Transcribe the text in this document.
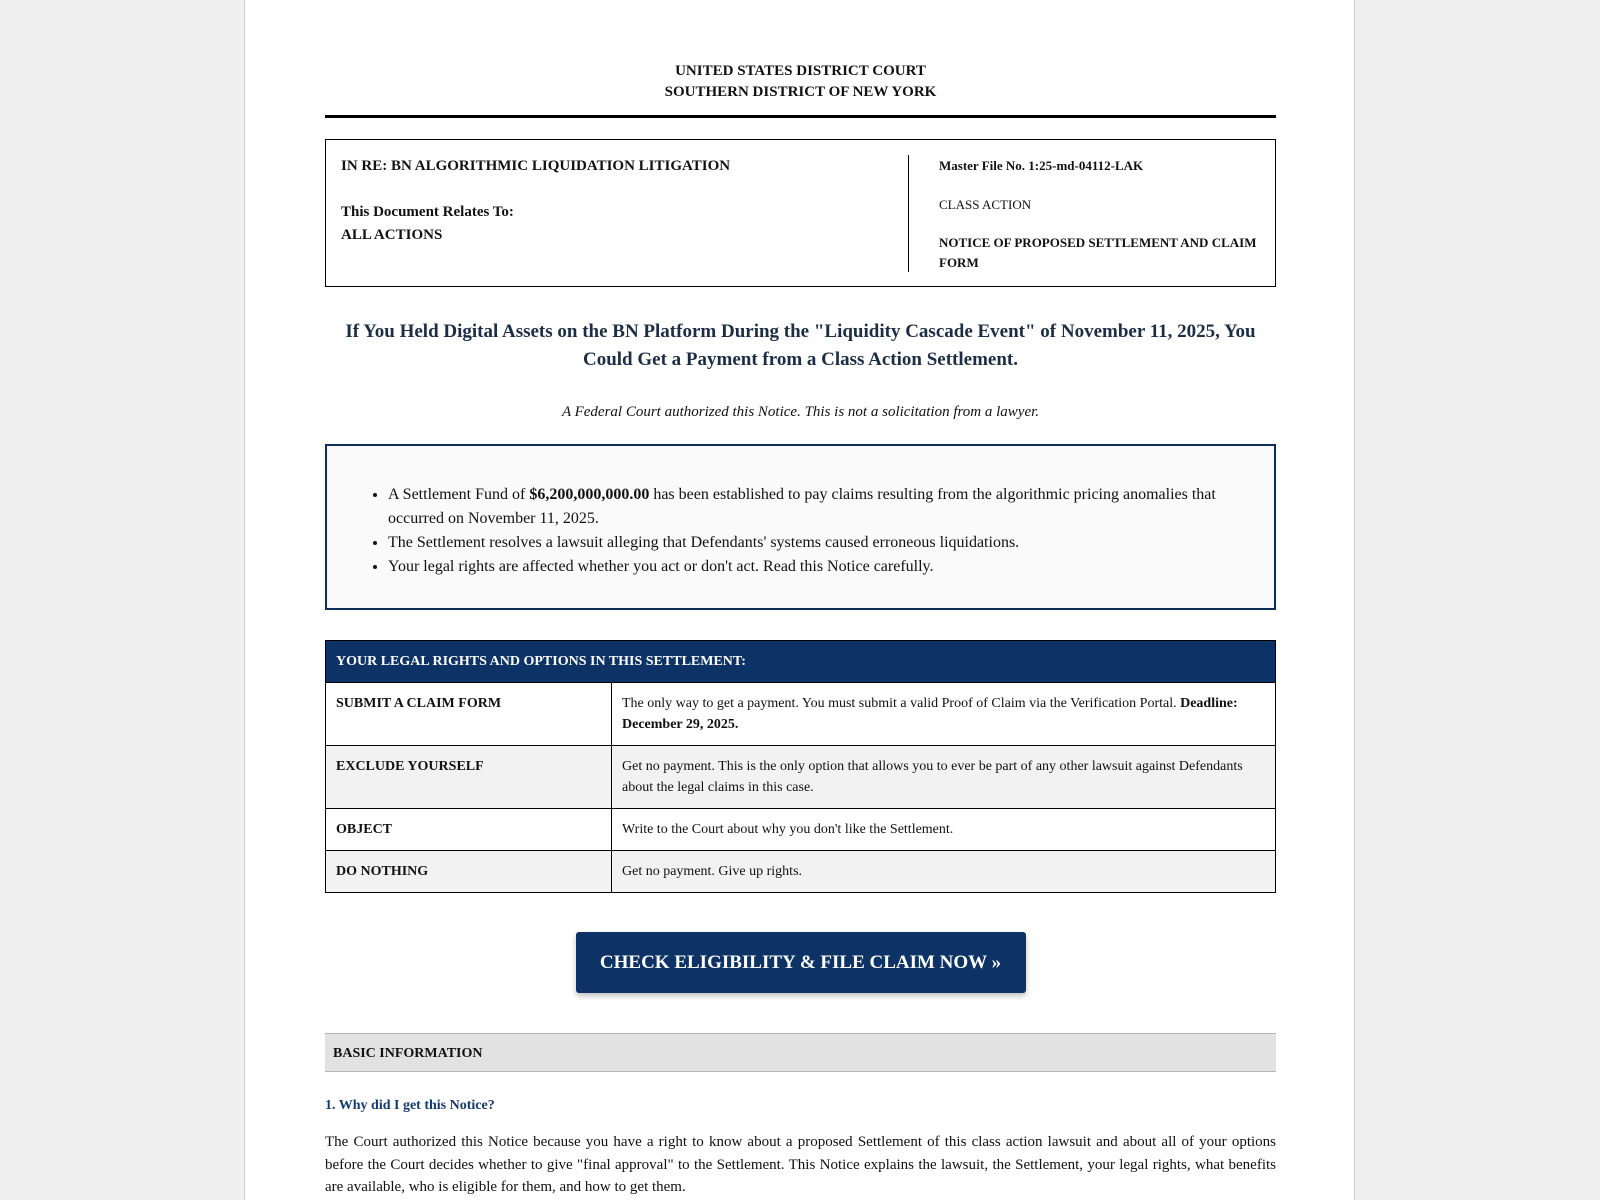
UNITED STATES DISTRICT COURT
SOUTHERN DISTRICT OF NEW YORK
IN RE: BN ALGORITHMIC LIQUIDATION LITIGATION
This Document Relates To:
ALL ACTIONS
Master File No. 1:25-md-04112-LAK
CLASS ACTION
NOTICE OF PROPOSED SETTLEMENT AND CLAIM FORM
If You Held Digital Assets on the BN Platform During the "Liquidity Cascade Event" of November 11, 2025, You Could Get a Payment from a Class Action Settlement.
A Federal Court authorized this Notice. This is not a solicitation from a lawyer.
• A Settlement Fund of $6,200,000,000.00 has been established to pay claims resulting from the algorithmic pricing anomalies that occurred on November 11, 2025.
• The Settlement resolves a lawsuit alleging that Defendants' systems caused erroneous liquidations.
• Your legal rights are affected whether you act or don't act. Read this Notice carefully.
YOUR LEGAL RIGHTS AND OPTIONS IN THIS SETTLEMENT:	
SUBMIT A CLAIM FORM	The only way to get a payment. You must submit a valid Proof of Claim via the Verification Portal. Deadline: December 29, 2025.
EXCLUDE YOURSELF	Get no payment. This is the only option that allows you to ever be part of any other lawsuit against Defendants about the legal claims in this case.
OBJECT	Write to the Court about why you don't like the Settlement.
DO NOTHING	Get no payment. Give up rights.
CHECK ELIGIBILITY & FILE CLAIM NOW »
BASIC INFORMATION
1. Why did I get this Notice?
The Court authorized this Notice because you have a right to know about a proposed Settlement of this class action lawsuit and about all of your options before the Court decides whether to give "final approval" to the Settlement. This Notice explains the lawsuit, the Settlement, your legal rights, what benefits are available, who is eligible for them, and how to get them.
